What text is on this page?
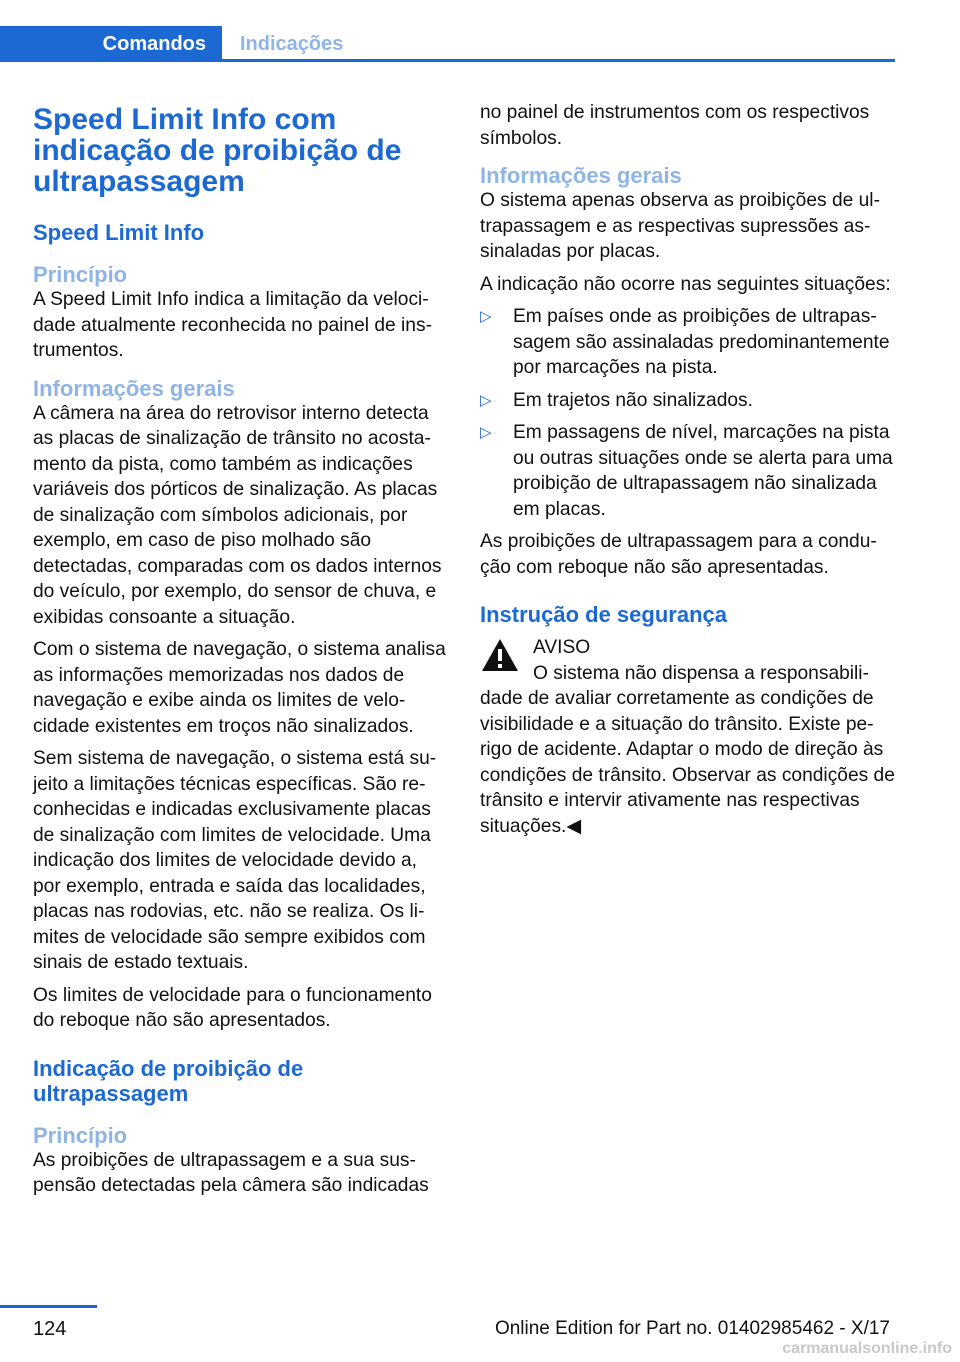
Comandos	Indicações
Speed Limit Info com indicação de proibição de ultrapassagem
Speed Limit Info
Princípio
A Speed Limit Info indica a limitação da velocidade atualmente reconhecida no painel de instrumentos.
Informações gerais
A câmera na área do retrovisor interno detecta as placas de sinalização de trânsito no acostamento da pista, como também as indicações variáveis dos pórticos de sinalização. As placas de sinalização com símbolos adicionais, por exemplo, em caso de piso molhado são detectadas, comparadas com os dados internos do veículo, por exemplo, do sensor de chuva, e exibidas consoante a situação.
Com o sistema de navegação, o sistema analisa as informações memorizadas nos dados de navegação e exibe ainda os limites de velocidade existentes em troços não sinalizados.
Sem sistema de navegação, o sistema está sujeito a limitações técnicas específicas. São reconhecidas e indicadas exclusivamente placas de sinalização com limites de velocidade. Uma indicação dos limites de velocidade devido a, por exemplo, entrada e saída das localidades, placas nas rodovias, etc. não se realiza. Os limites de velocidade são sempre exibidos com sinais de estado textuais.
Os limites de velocidade para o funcionamento do reboque não são apresentados.
Indicação de proibição de ultrapassagem
Princípio
As proibições de ultrapassagem e a sua suspensão detectadas pela câmera são indicadas
no painel de instrumentos com os respectivos símbolos.
Informações gerais
O sistema apenas observa as proibições de ultrapassagem e as respectivas supressões assinaladas por placas.
A indicação não ocorre nas seguintes situações:
▷ Em países onde as proibições de ultrapassagem são assinaladas predominantemente por marcações na pista.
▷ Em trajetos não sinalizados.
▷ Em passagens de nível, marcações na pista ou outras situações onde se alerta para uma proibição de ultrapassagem não sinalizada em placas.
As proibições de ultrapassagem para a condução com reboque não são apresentadas.
Instrução de segurança
AVISO
O sistema não dispensa a responsabilidade de avaliar corretamente as condições de visibilidade e a situação do trânsito. Existe perigo de acidente. Adaptar o modo de direção às condições de trânsito. Observar as condições de trânsito e intervir ativamente nas respectivas situações.◀
124	Online Edition for Part no. 01402985462 - X/17
carmanualsonline.info
